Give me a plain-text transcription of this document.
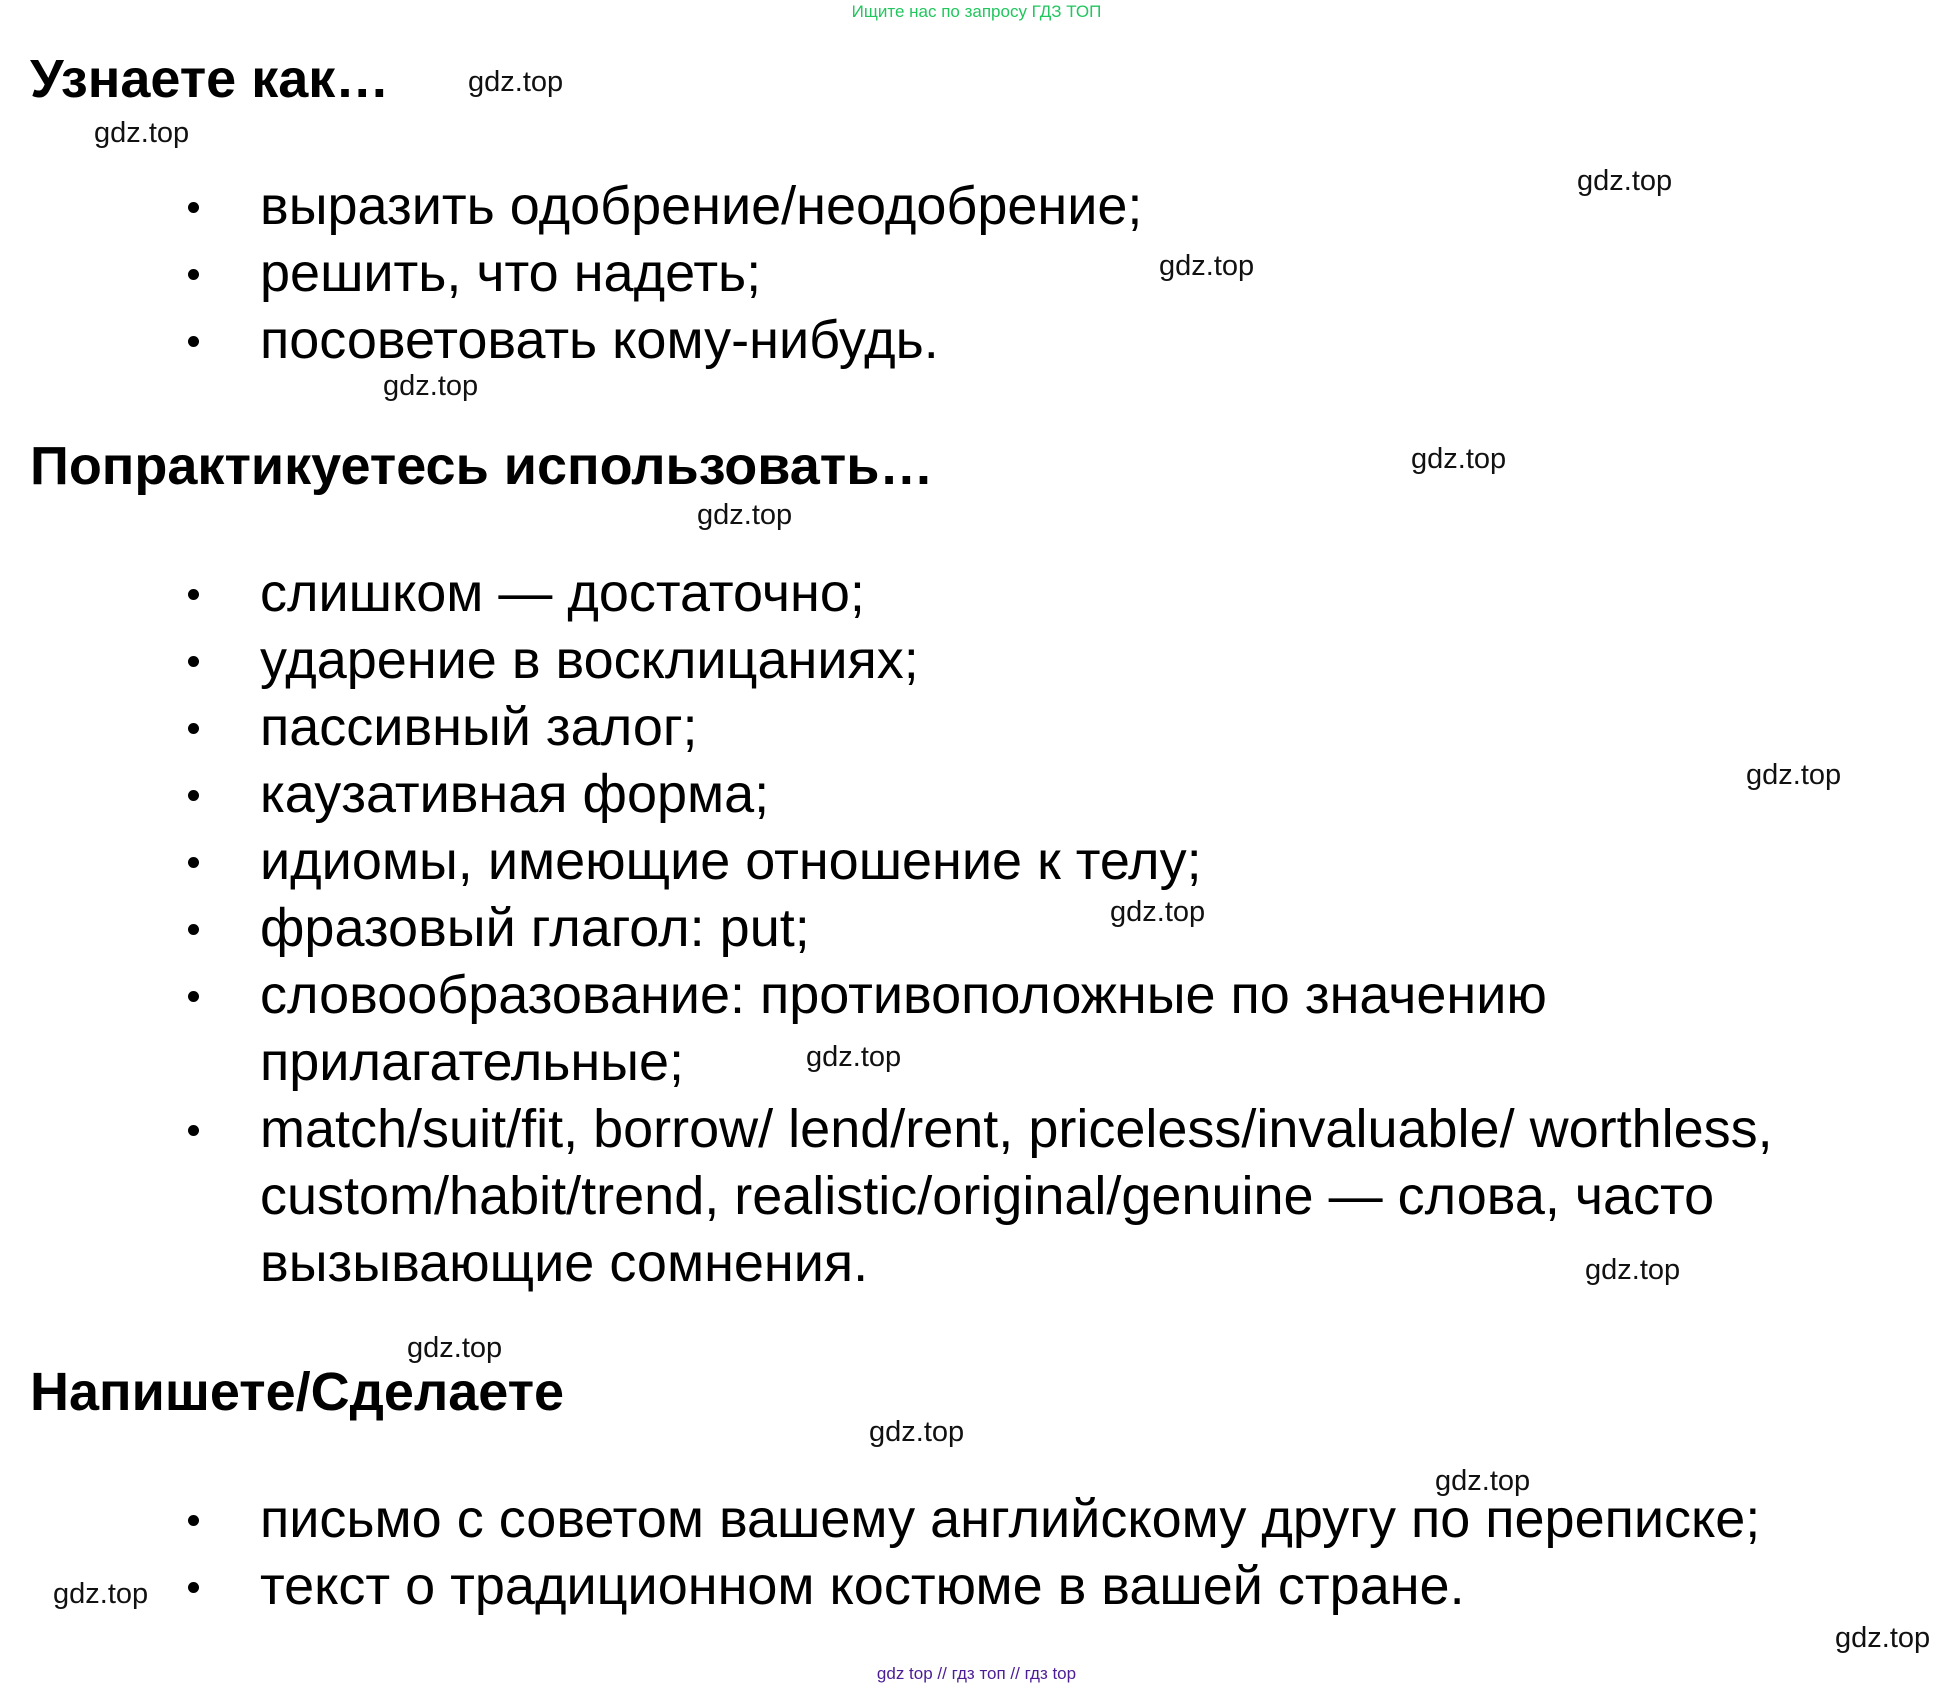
Ищите нас по запросу ГДЗ ТОП
Узнаете как…
выразить одобрение/неодобрение;
решить, что надеть;
посоветовать кому-нибудь.
Попрактикуетесь использовать…
слишком — достаточно;
ударение в восклицаниях;
пассивный залог;
каузативная форма;
идиомы, имеющие отношение к телу;
фразовый глагол: put;
словообразование: противоположные по значению прилагательные;
match/suit/fit, borrow/ lend/rent, priceless/invaluable/ worthless, custom/habit/trend, realistic/original/genuine — слова, часто вызывающие сомнения.
Напишете/Сделаете
письмо с советом вашему английскому другу по переписке;
текст о традиционном костюме в вашей стране.
gdz.top
gdz.top
gdz.top
gdz.top
gdz.top
gdz.top
gdz.top
gdz.top
gdz.top
gdz.top
gdz.top
gdz.top
gdz.top
gdz.top
gdz.top
gdz.top
gdz top // гдз топ // гдз top
